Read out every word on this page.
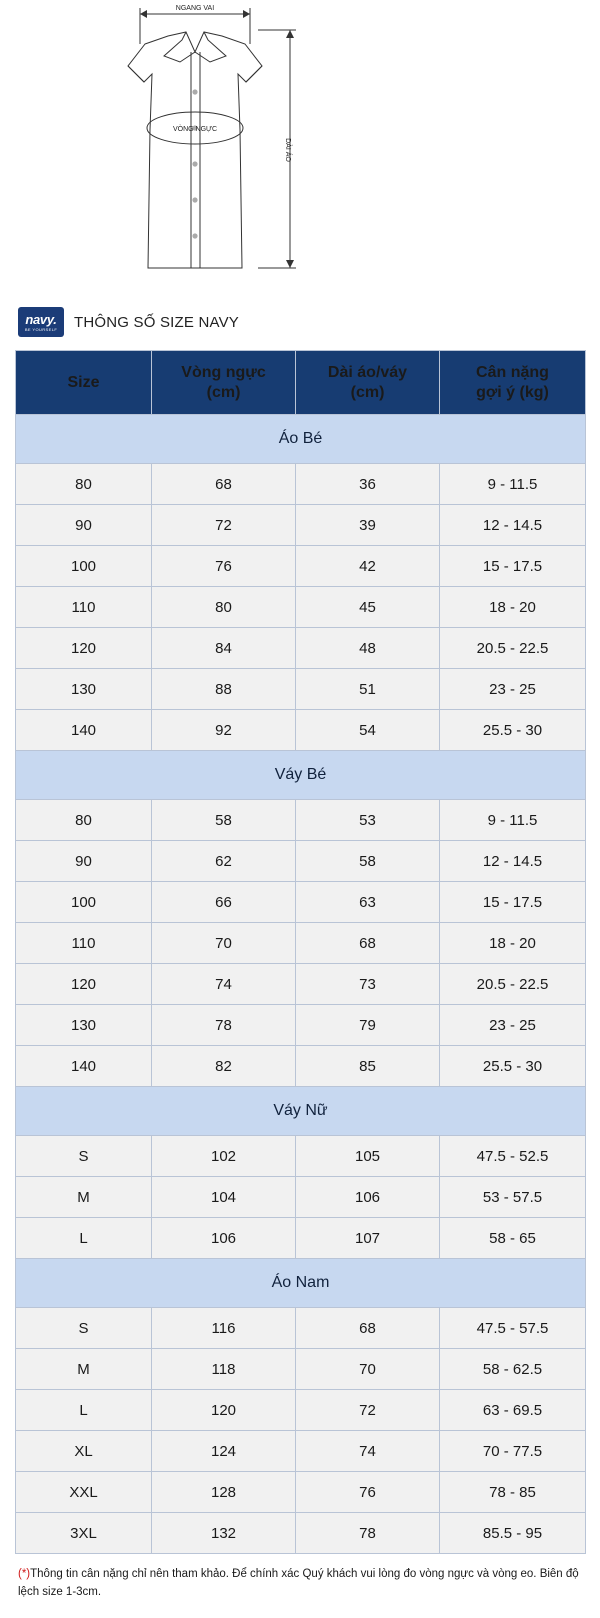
NGANG VAI
VÒNG NGỰC
DÀI ÁO
navy.
BE YOURSELF THÔNG SỐ SIZE NAVY
Size

Vòng ngực
(cm)

Dài áo/váy
(cm)

Cân nặng
gợi ý (kg)

Áo Bé			
80	68	36	9 - 11.5
90	72	39	12 - 14.5
100	76	42	15 - 17.5
110	80	45	18 - 20
120	84	48	20.5 - 22.5
130	88	51	23 - 25
140	92	54	25.5 - 30
Váy Bé			
80	58	53	9 - 11.5
90	62	58	12 - 14.5
100	66	63	15 - 17.5
110	70	68	18 - 20
120	74	73	20.5 - 22.5
130	78	79	23 - 25
140	82	85	25.5 - 30
Váy Nữ			
S	102	105	47.5 - 52.5
M	104	106	53 - 57.5
L	106	107	58 - 65
Áo Nam			
S	116	68	47.5 - 57.5
M	118	70	58 - 62.5
L	120	72	63 - 69.5
XL	124	74	70 - 77.5
XXL	128	76	78 - 85
3XL	132	78	85.5 - 95
(*)Thông tin cân nặng chỉ nên tham khảo. Để chính xác Quý khách vui lòng đo vòng ngực và vòng eo. Biên độ lệch size 1-3cm.
